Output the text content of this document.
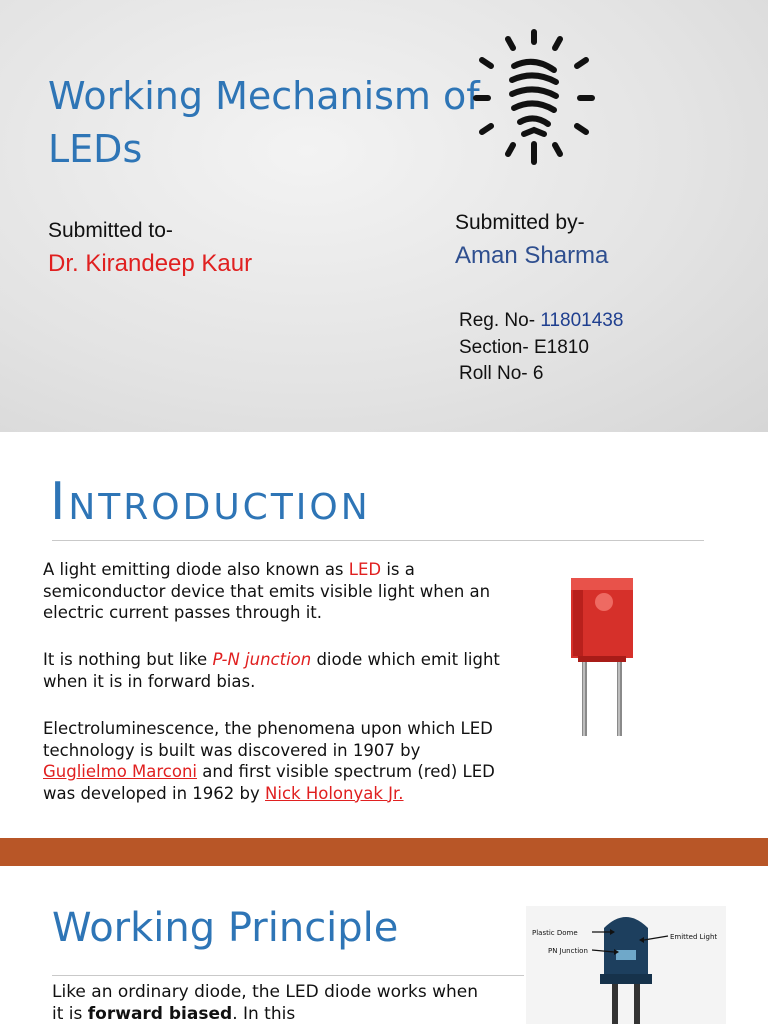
Working Mechanism of LEDs
Submitted to-
Dr. Kirandeep Kaur
Submitted by-
Aman Sharma
Reg. No- 11801438
Section- E1810
Roll No- 6
INTRODUCTION

A light emitting diode also known as LED is a semiconductor device that emits visible light when an electric current passes through it.

It is nothing but like P-N junction diode which emit light when it is in forward bias.

Electroluminescence, the phenomena upon which LED technology is built was discovered in 1907 by Guglielmo Marconi and first visible spectrum (red) LED was developed in 1962 by Nick Holonyak Jr.

Working Principle

Like an ordinary diode, the LED diode works when it is forward biased. In this

Plastic Dome
PN Junction
Emitted Light
